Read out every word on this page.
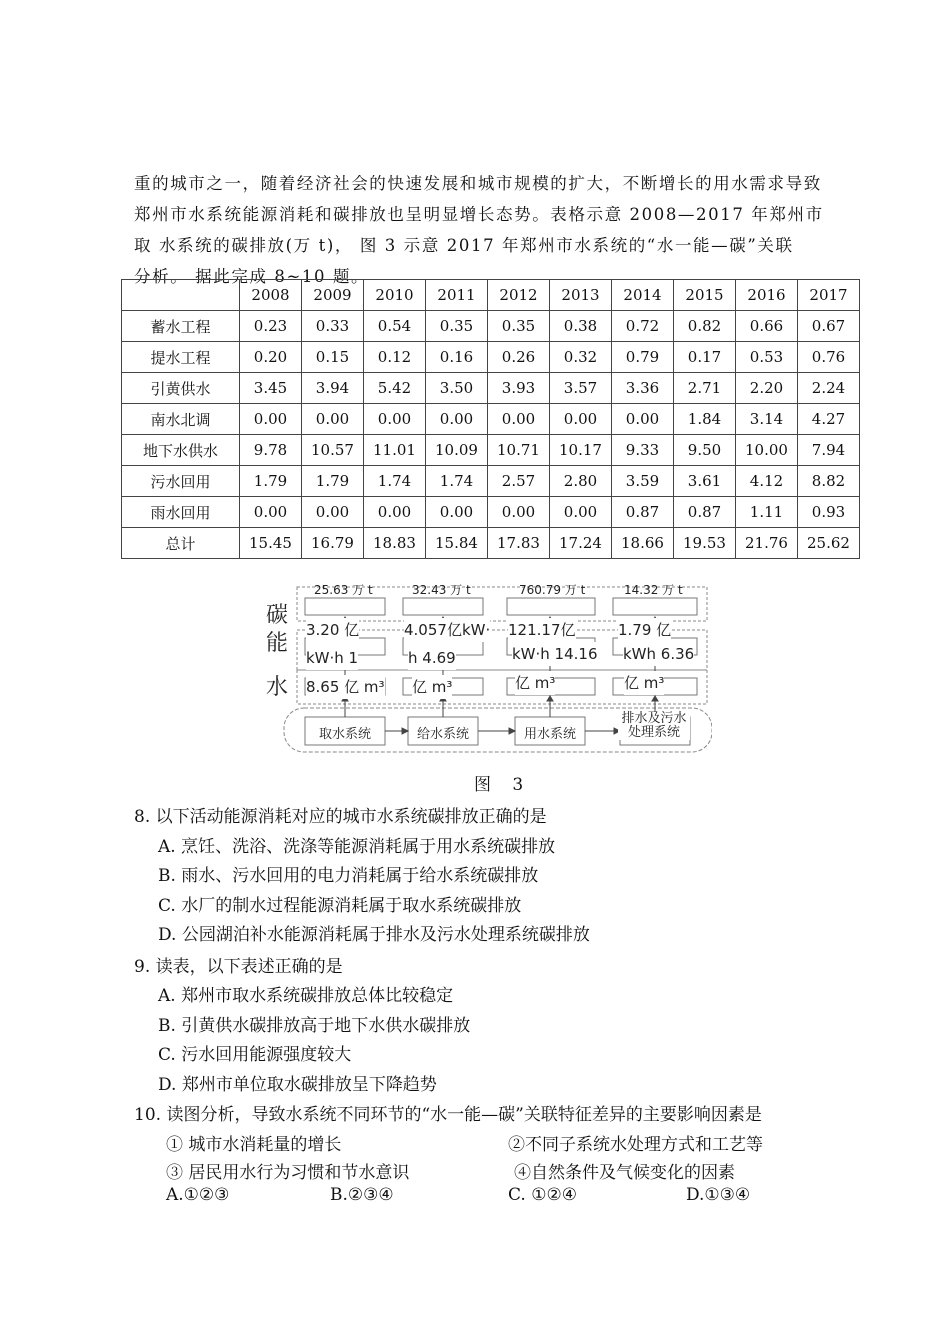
重的城市之一，随着经济社会的快速发展和城市规模的扩大，不断增长的用水需求导致

郑州市水系统能源消耗和碳排放也呈明显增长态势。表格示意 2008—2017 年郑州市

取 水系统的碳排放(万 t)， 图 3 示意 2017 年郑州市水系统的“水一能—碳”关联

分析。 据此完成 8~10 题。

	2008	2009	2010	2011	2012	2013	2014	2015	2016	2017
蓄水工程	0.23	0.33	0.54	0.35	0.35	0.38	0.72	0.82	0.66	0.67
提水工程	0.20	0.15	0.12	0.16	0.26	0.32	0.79	0.17	0.53	0.76
引黄供水	3.45	3.94	5.42	3.50	3.93	3.57	3.36	2.71	2.20	2.24
南水北调	0.00	0.00	0.00	0.00	0.00	0.00	0.00	1.84	3.14	4.27
地下水供水	9.78	10.57	11.01	10.09	10.71	10.17	9.33	9.50	10.00	7.94
污水回用	1.79	1.79	1.74	1.74	2.57	2.80	3.59	3.61	4.12	8.82
雨水回用	0.00	0.00	0.00	0.00	0.00	0.00	0.87	0.87	1.11	0.93
总计	15.45	16.79	18.83	15.84	17.83	17.24	18.66	19.53	21.76	25.62
碳
能
水
25.63 万 t	32.43 万 t	760.79 万 t	14.32 万 t
3.20 亿	4.057亿kW· 121.17亿	1.79 亿
kW·h 1	h 4.69	kW·h 14.16 kWh 6.36
8.65 亿 m³ 亿 m³	亿 m³	亿 m³
取水系统	给水系统	用水系统
排水及污水 处理系统
图 3
8. 以下活动能源消耗对应的城市水系统碳排放正确的是
A. 烹饪、洗浴、洗涤等能源消耗属于用水系统碳排放
B. 雨水、污水回用的电力消耗属于给水系统碳排放
C. 水厂的制水过程能源消耗属于取水系统碳排放
D. 公园湖泊补水能源消耗属于排水及污水处理系统碳排放
9. 读表，以下表述正确的是
A. 郑州市取水系统碳排放总体比较稳定
B. 引黄供水碳排放高于地下水供水碳排放
C. 污水回用能源强度较大
D. 郑州市单位取水碳排放呈下降趋势
10. 读图分析，导致水系统不同环节的“水一能—碳”关联特征差异的主要影响因素是
① 城市水消耗量的增长	②不同子系统水处理方式和工艺等
③ 居民用水行为习惯和节水意识	④自然条件及气候变化的因素
A.①②③	B.②③④	C. ①②④	D.①③④
